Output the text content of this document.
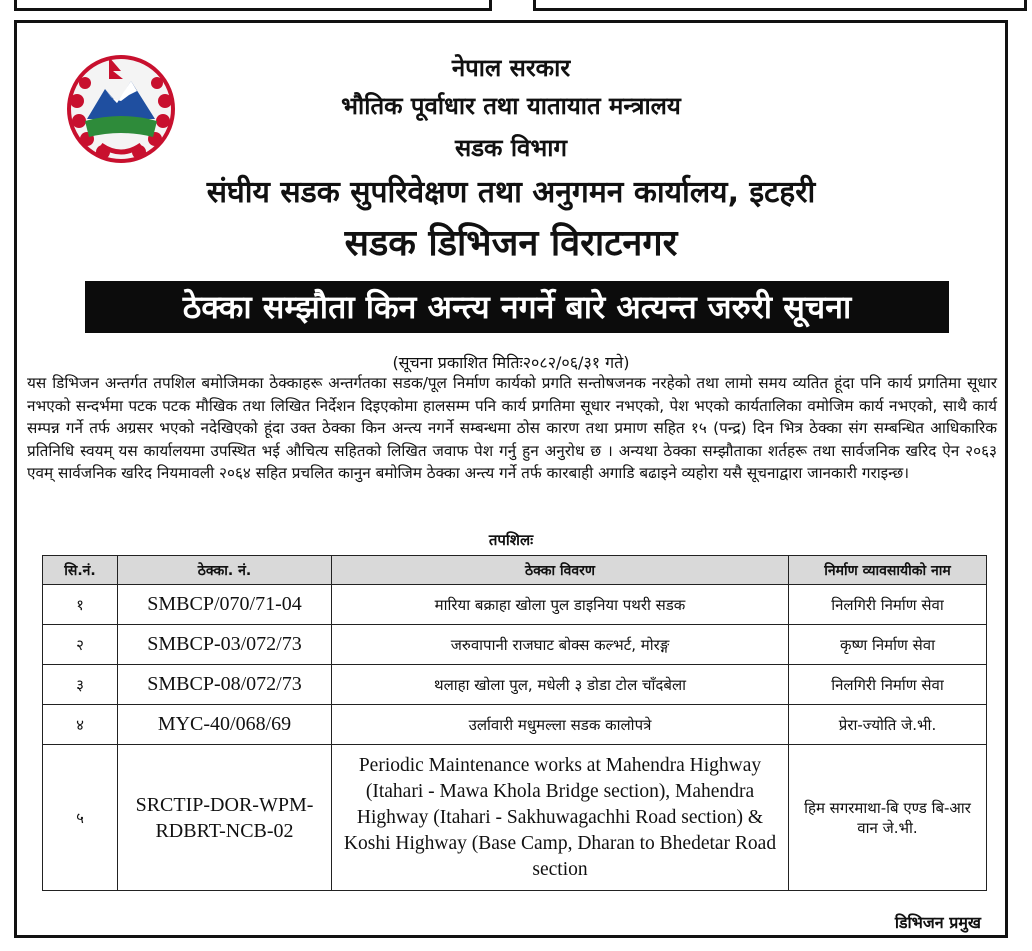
नेपाल सरकार
भौतिक पूर्वाधार तथा यातायात मन्त्रालय
सडक विभाग
संघीय सडक सुपरिवेक्षण तथा अनुगमन कार्यालय, इटहरी
सडक डिभिजन विराटनगर
ठेक्का सम्झौता किन अन्त्य नगर्ने बारे अत्यन्त जरुरी सूचना
(सूचना प्रकाशित मितिः२०८२/०६/३१ गते)
यस डिभिजन अन्तर्गत तपशिल बमोजिमका ठेक्काहरू अन्तर्गतका सडक/पूल निर्माण कार्यको प्रगति सन्तोषजनक नरहेको तथा लामो समय व्यतित हूंदा पनि कार्य प्रगतिमा सूधार नभएको सन्दर्भमा पटक पटक मौखिक तथा लिखित निर्देशन दिइएकोमा हालसम्म पनि कार्य प्रगतिमा सूधार नभएको, पेश भएको कार्यतालिका वमोजिम कार्य नभएको, साथै कार्य सम्पन्न गर्ने तर्फ अग्रसर भएको नदेखिएको हूंदा उक्त ठेक्का किन अन्त्य नगर्ने सम्बन्धमा ठोस कारण तथा प्रमाण सहित १५ (पन्द्र) दिन भित्र ठेक्का संग सम्बन्धित आधिकारिक प्रतिनिधि स्वयम् यस कार्यालयमा उपस्थित भई औचित्य सहितको लिखित जवाफ पेश गर्नु हुन अनुरोध छ । अन्यथा ठेक्का सम्झौताका शर्तहरू तथा सार्वजनिक खरिद ऐन २०६३ एवम् सार्वजनिक खरिद नियमावली २०६४ सहित प्रचलित कानुन बमोजिम ठेक्का अन्त्य गर्ने तर्फ कारबाही अगाडि बढाइने व्यहोरा यसै सूचनाद्वारा जानकारी गराइन्छ।
तपशिलः
सि.नं.	ठेक्का. नं.	ठेक्का विवरण	निर्माण व्यावसायीको नाम
१	SMBCP/070/71-04	मारिया बक्राहा खोला पुल डाइनिया पथरी सडक	निलगिरी निर्माण सेवा
२	SMBCP-03/072/73	जरुवापानी राजघाट बोक्स कल्भर्ट, मोरङ्ग	कृष्ण निर्माण सेवा
३	SMBCP-08/072/73	थलाहा खोला पुल, मधेली ३ डोडा टोल चाँदबेला	निलगिरी निर्माण सेवा
४	MYC-40/068/69	उर्लावारी मधुमल्ला सडक कालोपत्रे	प्रेरा-ज्योति जे.भी.
५	SRCTIP-DOR-WPM-RDBRT-NCB-02	Periodic Maintenance works at Mahendra Highway (Itahari - Mawa Khola Bridge section), Mahendra Highway (Itahari - Sakhuwagachhi Road section) & Koshi Highway (Base Camp, Dharan to Bhedetar Road section	हिम सगरमाथा-बि एण्ड बि-आर वान जे.भी.
डिभिजन प्रमुख
